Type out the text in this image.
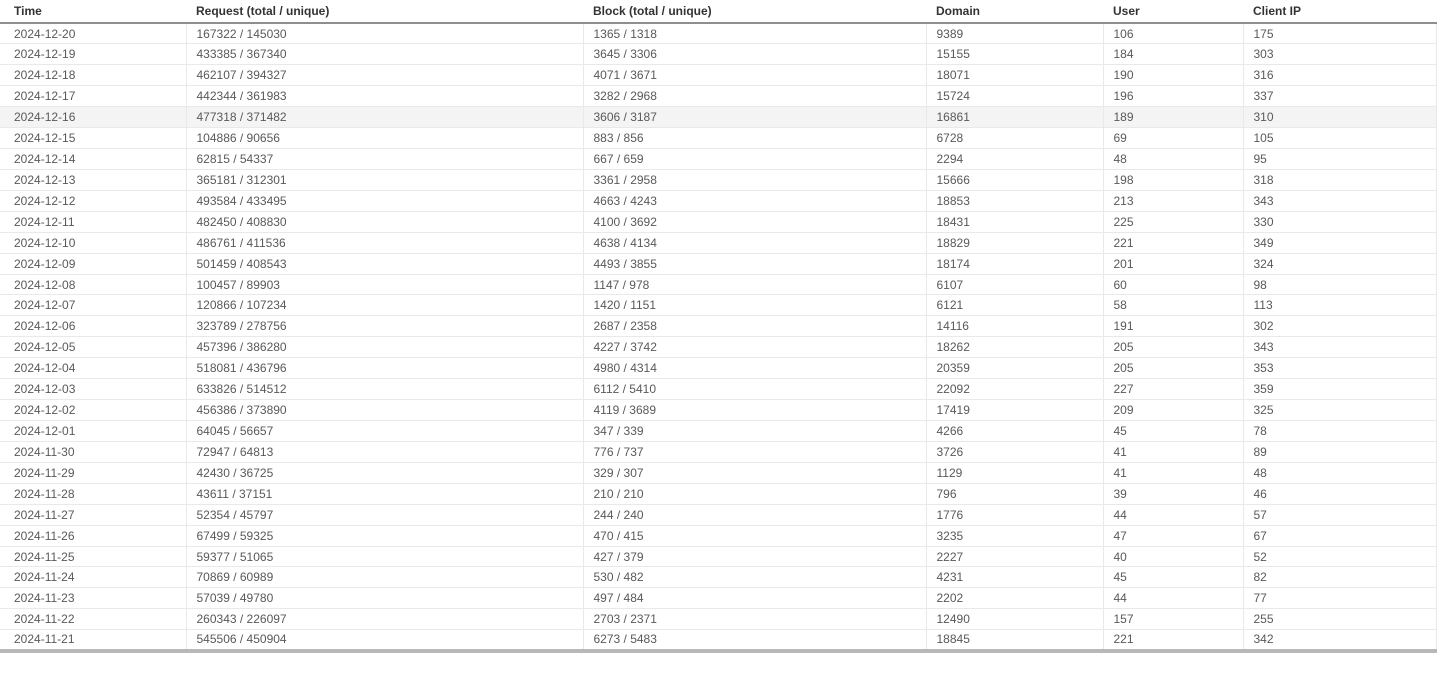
Time	Request (total / unique)	Block (total / unique)	Domain	User	Client IP
2024-12-20	167322 / 145030	1365 / 1318	9389	106	175
2024-12-19	433385 / 367340	3645 / 3306	15155	184	303
2024-12-18	462107 / 394327	4071 / 3671	18071	190	316
2024-12-17	442344 / 361983	3282 / 2968	15724	196	337
2024-12-16	477318 / 371482	3606 / 3187	16861	189	310
2024-12-15	104886 / 90656	883 / 856	6728	69	105
2024-12-14	62815 / 54337	667 / 659	2294	48	95
2024-12-13	365181 / 312301	3361 / 2958	15666	198	318
2024-12-12	493584 / 433495	4663 / 4243	18853	213	343
2024-12-11	482450 / 408830	4100 / 3692	18431	225	330
2024-12-10	486761 / 411536	4638 / 4134	18829	221	349
2024-12-09	501459 / 408543	4493 / 3855	18174	201	324
2024-12-08	100457 / 89903	1147 / 978	6107	60	98
2024-12-07	120866 / 107234	1420 / 1151	6121	58	113
2024-12-06	323789 / 278756	2687 / 2358	14116	191	302
2024-12-05	457396 / 386280	4227 / 3742	18262	205	343
2024-12-04	518081 / 436796	4980 / 4314	20359	205	353
2024-12-03	633826 / 514512	6112 / 5410	22092	227	359
2024-12-02	456386 / 373890	4119 / 3689	17419	209	325
2024-12-01	64045 / 56657	347 / 339	4266	45	78
2024-11-30	72947 / 64813	776 / 737	3726	41	89
2024-11-29	42430 / 36725	329 / 307	1129	41	48
2024-11-28	43611 / 37151	210 / 210	796	39	46
2024-11-27	52354 / 45797	244 / 240	1776	44	57
2024-11-26	67499 / 59325	470 / 415	3235	47	67
2024-11-25	59377 / 51065	427 / 379	2227	40	52
2024-11-24	70869 / 60989	530 / 482	4231	45	82
2024-11-23	57039 / 49780	497 / 484	2202	44	77
2024-11-22	260343 / 226097	2703 / 2371	12490	157	255
2024-11-21	545506 / 450904	6273 / 5483	18845	221	342
